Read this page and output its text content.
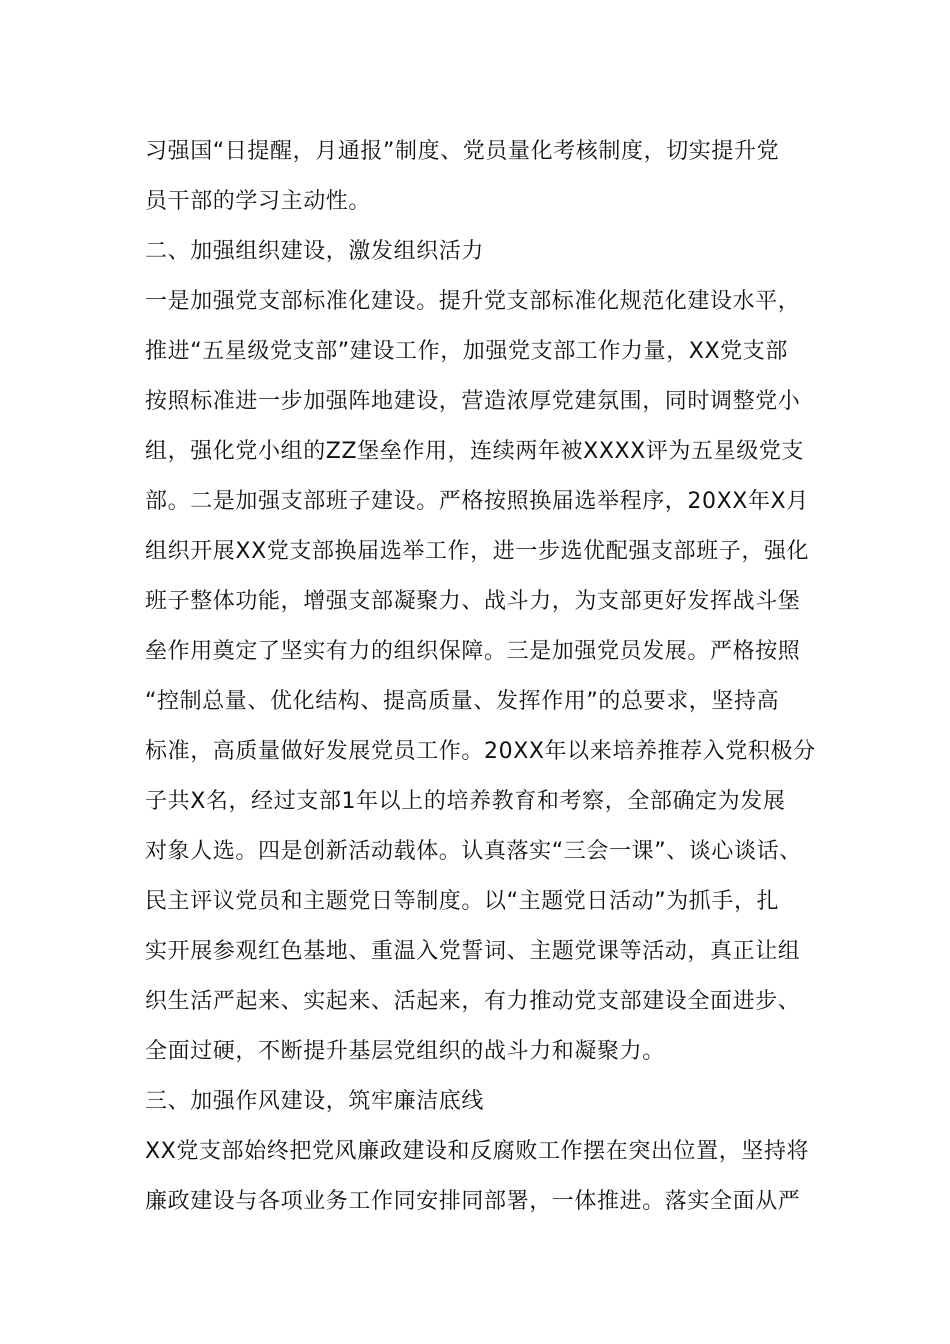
习强国“日提醒，月通报”制度、党员量化考核制度，切实提升党
员干部的学习主动性。
二、加强组织建设，激发组织活力
一是加强党支部标准化建设。提升党支部标准化规范化建设水平，
推进“五星级党支部”建设工作，加强党支部工作力量，XX党支部
按照标准进一步加强阵地建设，营造浓厚党建氛围，同时调整党小
组，强化党小组的ZZ堡垒作用，连续两年被XXXX评为五星级党支
部。二是加强支部班子建设。严格按照换届选举程序，20XX年X月
组织开展XX党支部换届选举工作，进一步选优配强支部班子，强化
班子整体功能，增强支部凝聚力、战斗力，为支部更好发挥战斗堡
垒作用奠定了坚实有力的组织保障。三是加强党员发展。严格按照
“控制总量、优化结构、提高质量、发挥作用”的总要求，坚持高
标准，高质量做好发展党员工作。20XX年以来培养推荐入党积极分
子共X名，经过支部1年以上的培养教育和考察，全部确定为发展
对象人选。四是创新活动载体。认真落实“三会一课”、谈心谈话、
民主评议党员和主题党日等制度。以“主题党日活动”为抓手，扎
实开展参观红色基地、重温入党誓词、主题党课等活动，真正让组
织生活严起来、实起来、活起来，有力推动党支部建设全面进步、
全面过硬，不断提升基层党组织的战斗力和凝聚力。
三、加强作风建设，筑牢廉洁底线
XX党支部始终把党风廉政建设和反腐败工作摆在突出位置，坚持将
廉政建设与各项业务工作同安排同部署，一体推进。落实全面从严
